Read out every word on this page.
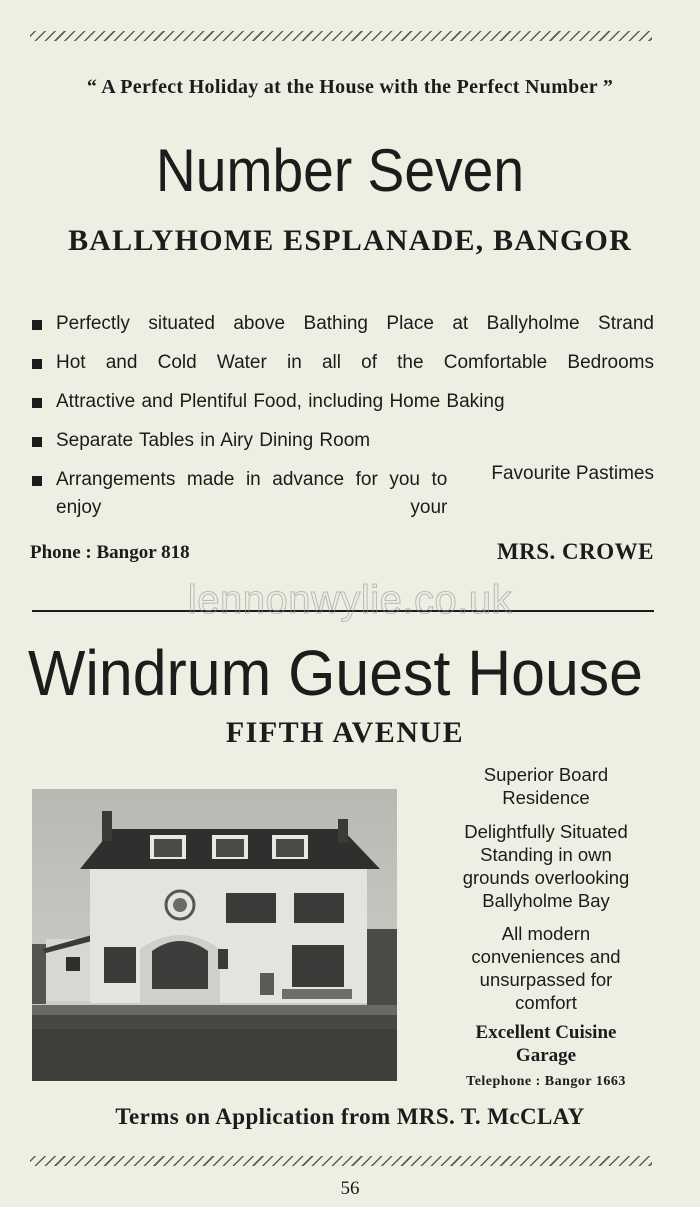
“ A Perfect Holiday at the House with the Perfect Number ”
Number Seven
BALLYHOME ESPLANADE, BANGOR
Perfectly situated above Bathing Place at Ballyholme Strand
Hot and Cold Water in all of the Comfortable Bedrooms
Attractive and Plentiful Food, including Home Baking
Separate Tables in Airy Dining Room
Arrangements made in advance for you to enjoy your
Favourite Pastimes
Phone : Bangor 818	MRS. CROWE
lennonwylie.co.uk
Windrum Guest House
FIFTH AVENUE
Superior Board
Residence
Delightfully Situated
Standing in own
grounds overlooking
Ballyholme Bay
All modern
conveniences and
unsurpassed for
comfort
Excellent Cuisine
Garage
Telephone : Bangor 1663
Terms on Application from MRS. T. McCLAY
56
